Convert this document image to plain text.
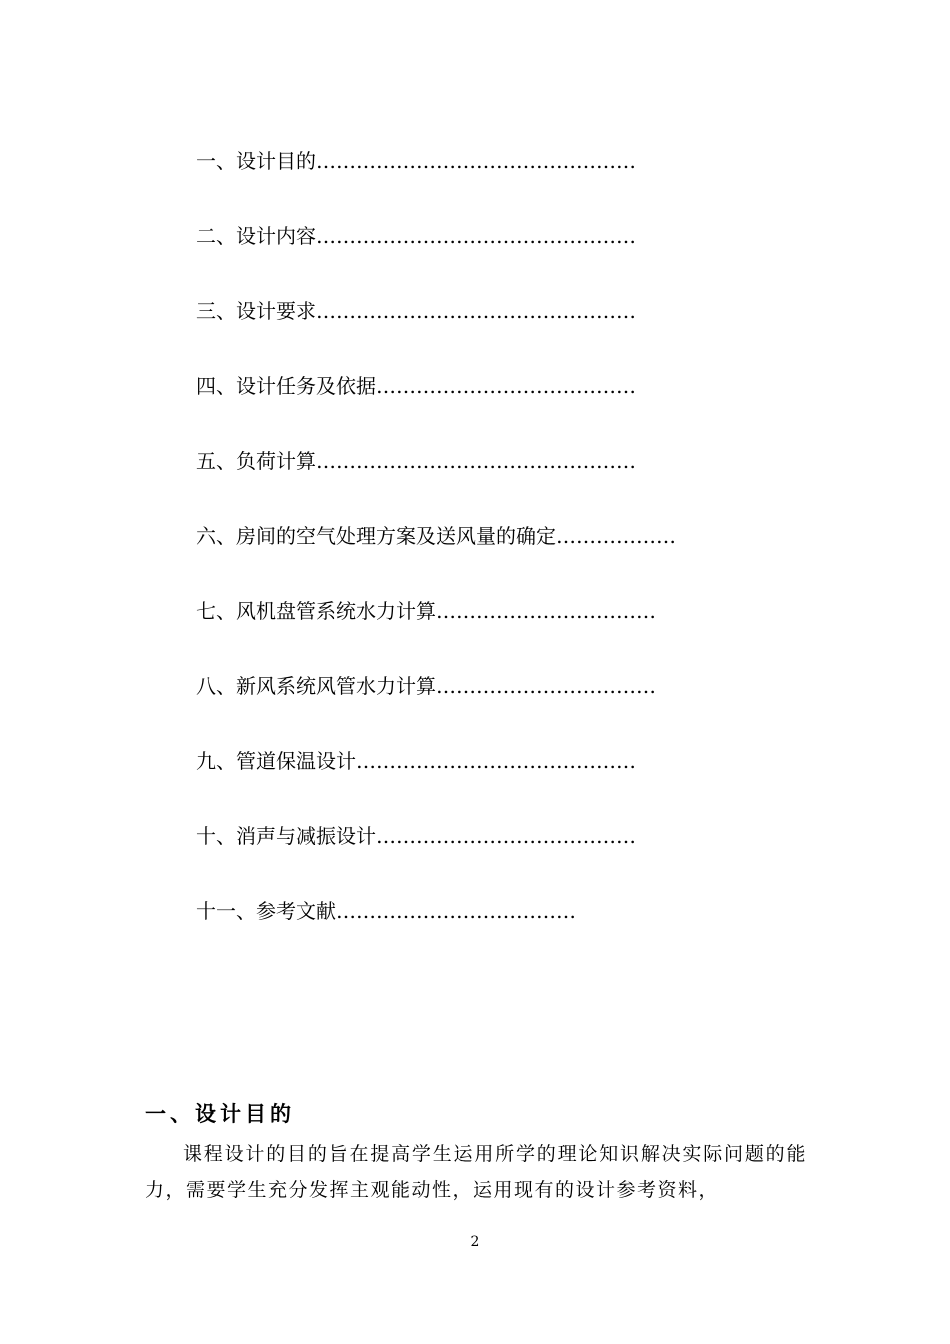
一、设计目的…………………………………………
二、设计内容…………………………………………
三、设计要求…………………………………………
四、设计任务及依据…………………………………
五、负荷计算…………………………………………
六、房间的空气处理方案及送风量的确定………………
七、风机盘管系统水力计算……………………………
八、新风系统风管水力计算……………………………
九、管道保温设计……………………………………
十、消声与减振设计…………………………………
十一、参考文献………………………………
一、设计目的

课程设计的目的旨在提高学生运用所学的理论知识解决实际问题的能力，需要学生充分发挥主观能动性，运用现有的设计参考资料，

2
